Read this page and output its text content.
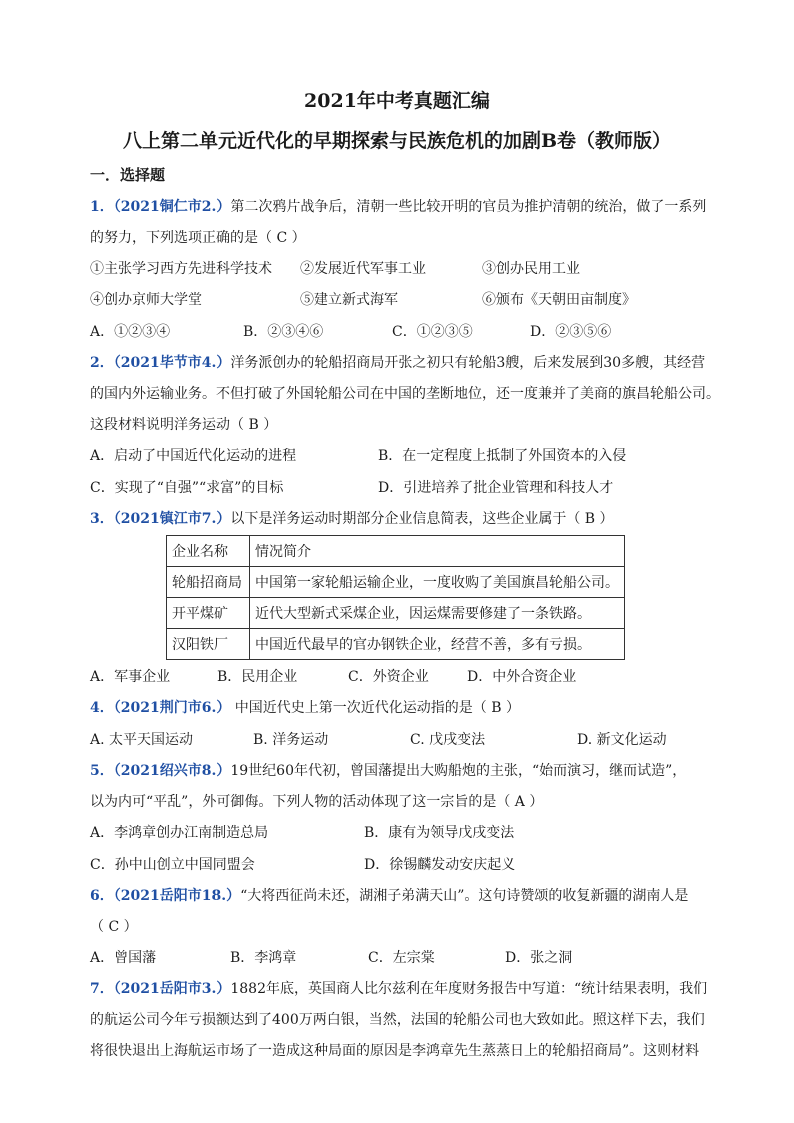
2021年中考真题汇编
八上第二单元近代化的早期探索与民族危机的加剧B卷（教师版）
一．选择题
1．（2021铜仁市2.）第二次鸦片战争后，清朝一些比较开明的官员为推护清朝的统治，做了一系列
的努力，下列选项正确的是（ C ）
①主张学习西方先进科学技术 ②发展近代军事工业	③创办民用工业
④创办京师大学堂	⑤建立新式海军	⑥颁布《天朝田亩制度》
A．①②③④	B．②③④⑥	C．①②③⑤	D．②③⑤⑥
2．（2021毕节市4.）洋务派创办的轮船招商局开张之初只有轮船3艘，后来发展到30多艘，其经营
的国内外运输业务。不但打破了外国轮船公司在中国的垄断地位，还一度兼并了美商的旗昌轮船公司。
这段材料说明洋务运动（ B ）
A．启动了中国近代化运动的进程	B．在一定程度上抵制了外国资本的入侵
C．实现了“自强”“求富”的目标	D．引进培养了批企业管理和科技人才
3．（2021镇江市7.）以下是洋务运动时期部分企业信息简表，这些企业属于（ B ）
企业名称	情况简介
轮船招商局	中国第一家轮船运输企业，一度收购了美国旗昌轮船公司。
开平煤矿	近代大型新式采煤企业，因运煤需要修建了一条铁路。
汉阳铁厂	中国近代最早的官办钢铁企业，经营不善，多有亏损。
A．军事企业	B．民用企业	C．外资企业	D．中外合资企业
4．（2021荆门市6.） 中国近代史上第一次近代化运动指的是（ B ）
A. 太平天国运动	B. 洋务运动	C. 戊戌变法	D. 新文化运动
5．（2021绍兴市8.）19世纪60年代初，曾国藩提出大购船炮的主张，“始而演习，继而试造”，
以为内可“平乱”，外可御侮。下列人物的活动体现了这一宗旨的是（ A ）
A．李鸿章创办江南制造总局	B．康有为领导戊戌变法
C．孙中山创立中国同盟会	D．徐锡麟发动安庆起义
6．（2021岳阳市18.）“大将西征尚未还，湖湘子弟满天山”。这句诗赞颂的收复新疆的湖南人是
（ C ）
A．曾国藩	B．李鸿章	C．左宗棠	D．张之洞
7．（2021岳阳市3.）1882年底，英国商人比尔兹利在年度财务报告中写道：“统计结果表明，我们
的航运公司今年亏损额达到了400万两白银，当然，法国的轮船公司也大致如此。照这样下去，我们
将很快退出上海航运市场了一造成这种局面的原因是李鸿章先生蒸蒸日上的轮船招商局”。这则材料
